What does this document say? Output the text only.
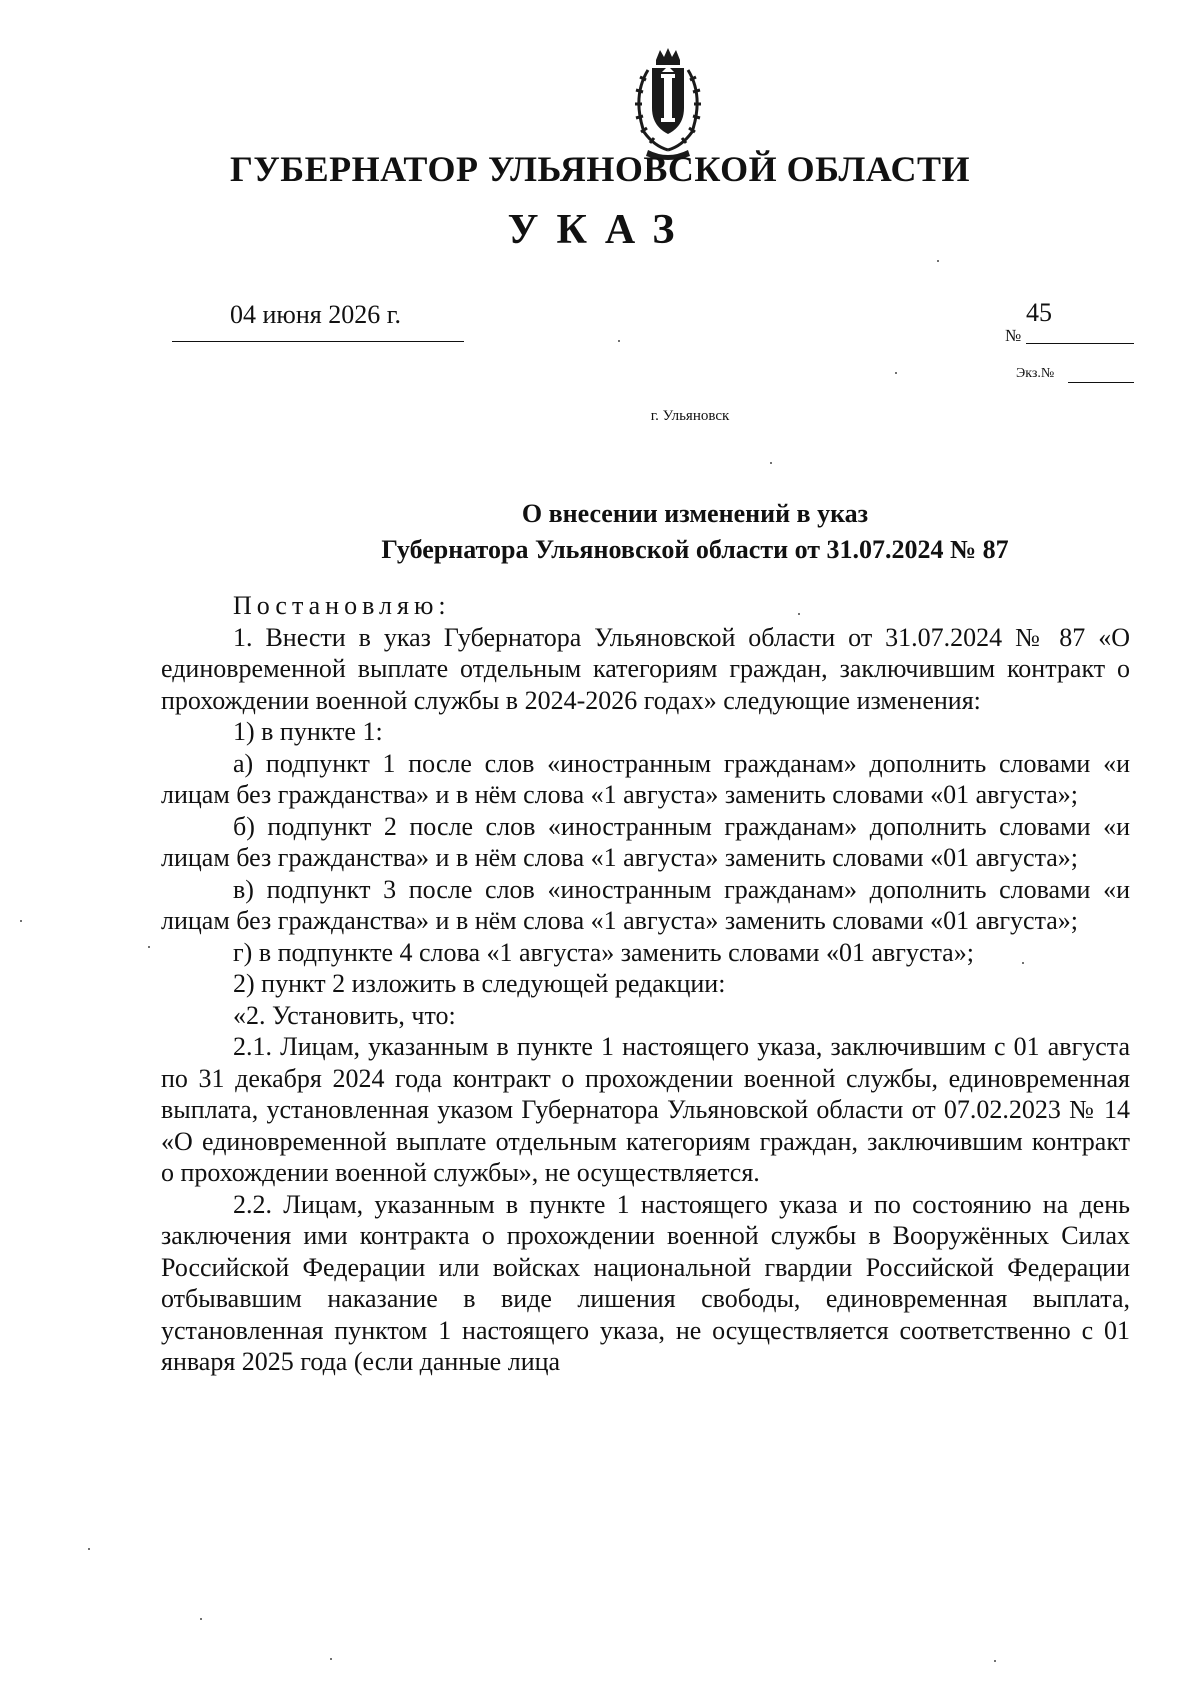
ГУБЕРНАТОР УЛЬЯНОВСКОЙ ОБЛАСТИ
УКАЗ
04 июня 2026 г.	45
№
Экз.№
г. Ульяновск
О внесении изменений в указ
Губернатора Ульяновской области от 31.07.2024 № 87

Постановляю:

1. Внести в указ Губернатора Ульяновской области от 31.07.2024 № 87 «О единовременной выплате отдельным категориям граждан, заключившим контракт о прохождении военной службы в 2024-2026 годах» следующие изменения:

1) в пункте 1:

а) подпункт 1 после слов «иностранным гражданам» дополнить словами «и лицам без гражданства» и в нём слова «1 августа» заменить словами «01 августа»;

б) подпункт 2 после слов «иностранным гражданам» дополнить словами «и лицам без гражданства» и в нём слова «1 августа» заменить словами «01 августа»;

в) подпункт 3 после слов «иностранным гражданам» дополнить словами «и лицам без гражданства» и в нём слова «1 августа» заменить словами «01 августа»;

г) в подпункте 4 слова «1 августа» заменить словами «01 августа»;

2) пункт 2 изложить в следующей редакции:

«2. Установить, что:

2.1. Лицам, указанным в пункте 1 настоящего указа, заключившим с 01 августа по 31 декабря 2024 года контракт о прохождении военной службы, единовременная выплата, установленная указом Губернатора Ульяновской области от 07.02.2023 № 14 «О единовременной выплате отдельным категориям граждан, заключившим контракт о прохождении военной службы», не осуществляется.

2.2. Лицам, указанным в пункте 1 настоящего указа и по состоянию на день заключения ими контракта о прохождении военной службы в Вооружённых Силах Российской Федерации или войсках национальной гвардии Российской Федерации отбывавшим наказание в виде лишения свободы, единовременная выплата, установленная пунктом 1 настоящего указа, не осуществляется соответственно с 01 января 2025 года (если данные лица
